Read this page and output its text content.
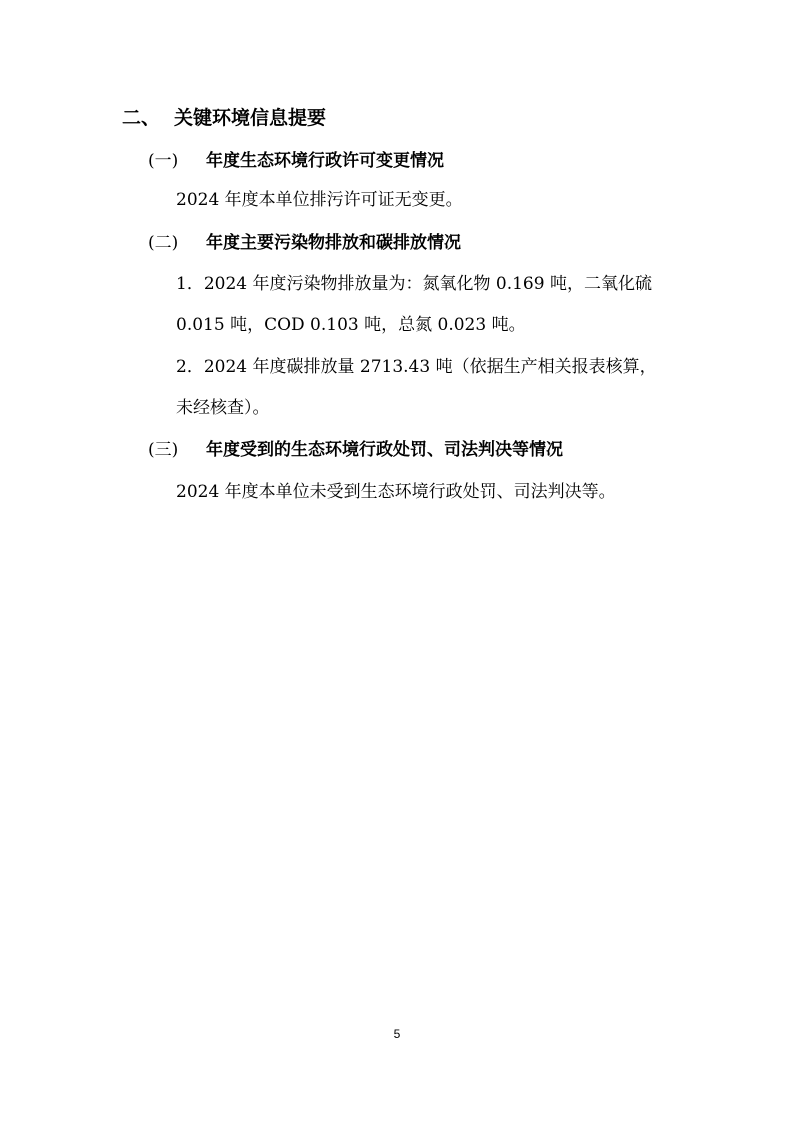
二、 关键环境信息提要
(一) 年度生态环境行政许可变更情况
2024 年度本单位排污许可证无变更。
(二) 年度主要污染物排放和碳排放情况
1．2024 年度污染物排放量为：氮氧化物 0.169 吨，二氧化硫
0.015 吨，COD 0.103 吨，总氮 0.023 吨。
2．2024 年度碳排放量 2713.43 吨（依据生产相关报表核算，
未经核查）。
(三) 年度受到的生态环境行政处罚、司法判决等情况
2024 年度本单位未受到生态环境行政处罚、司法判决等。
5
